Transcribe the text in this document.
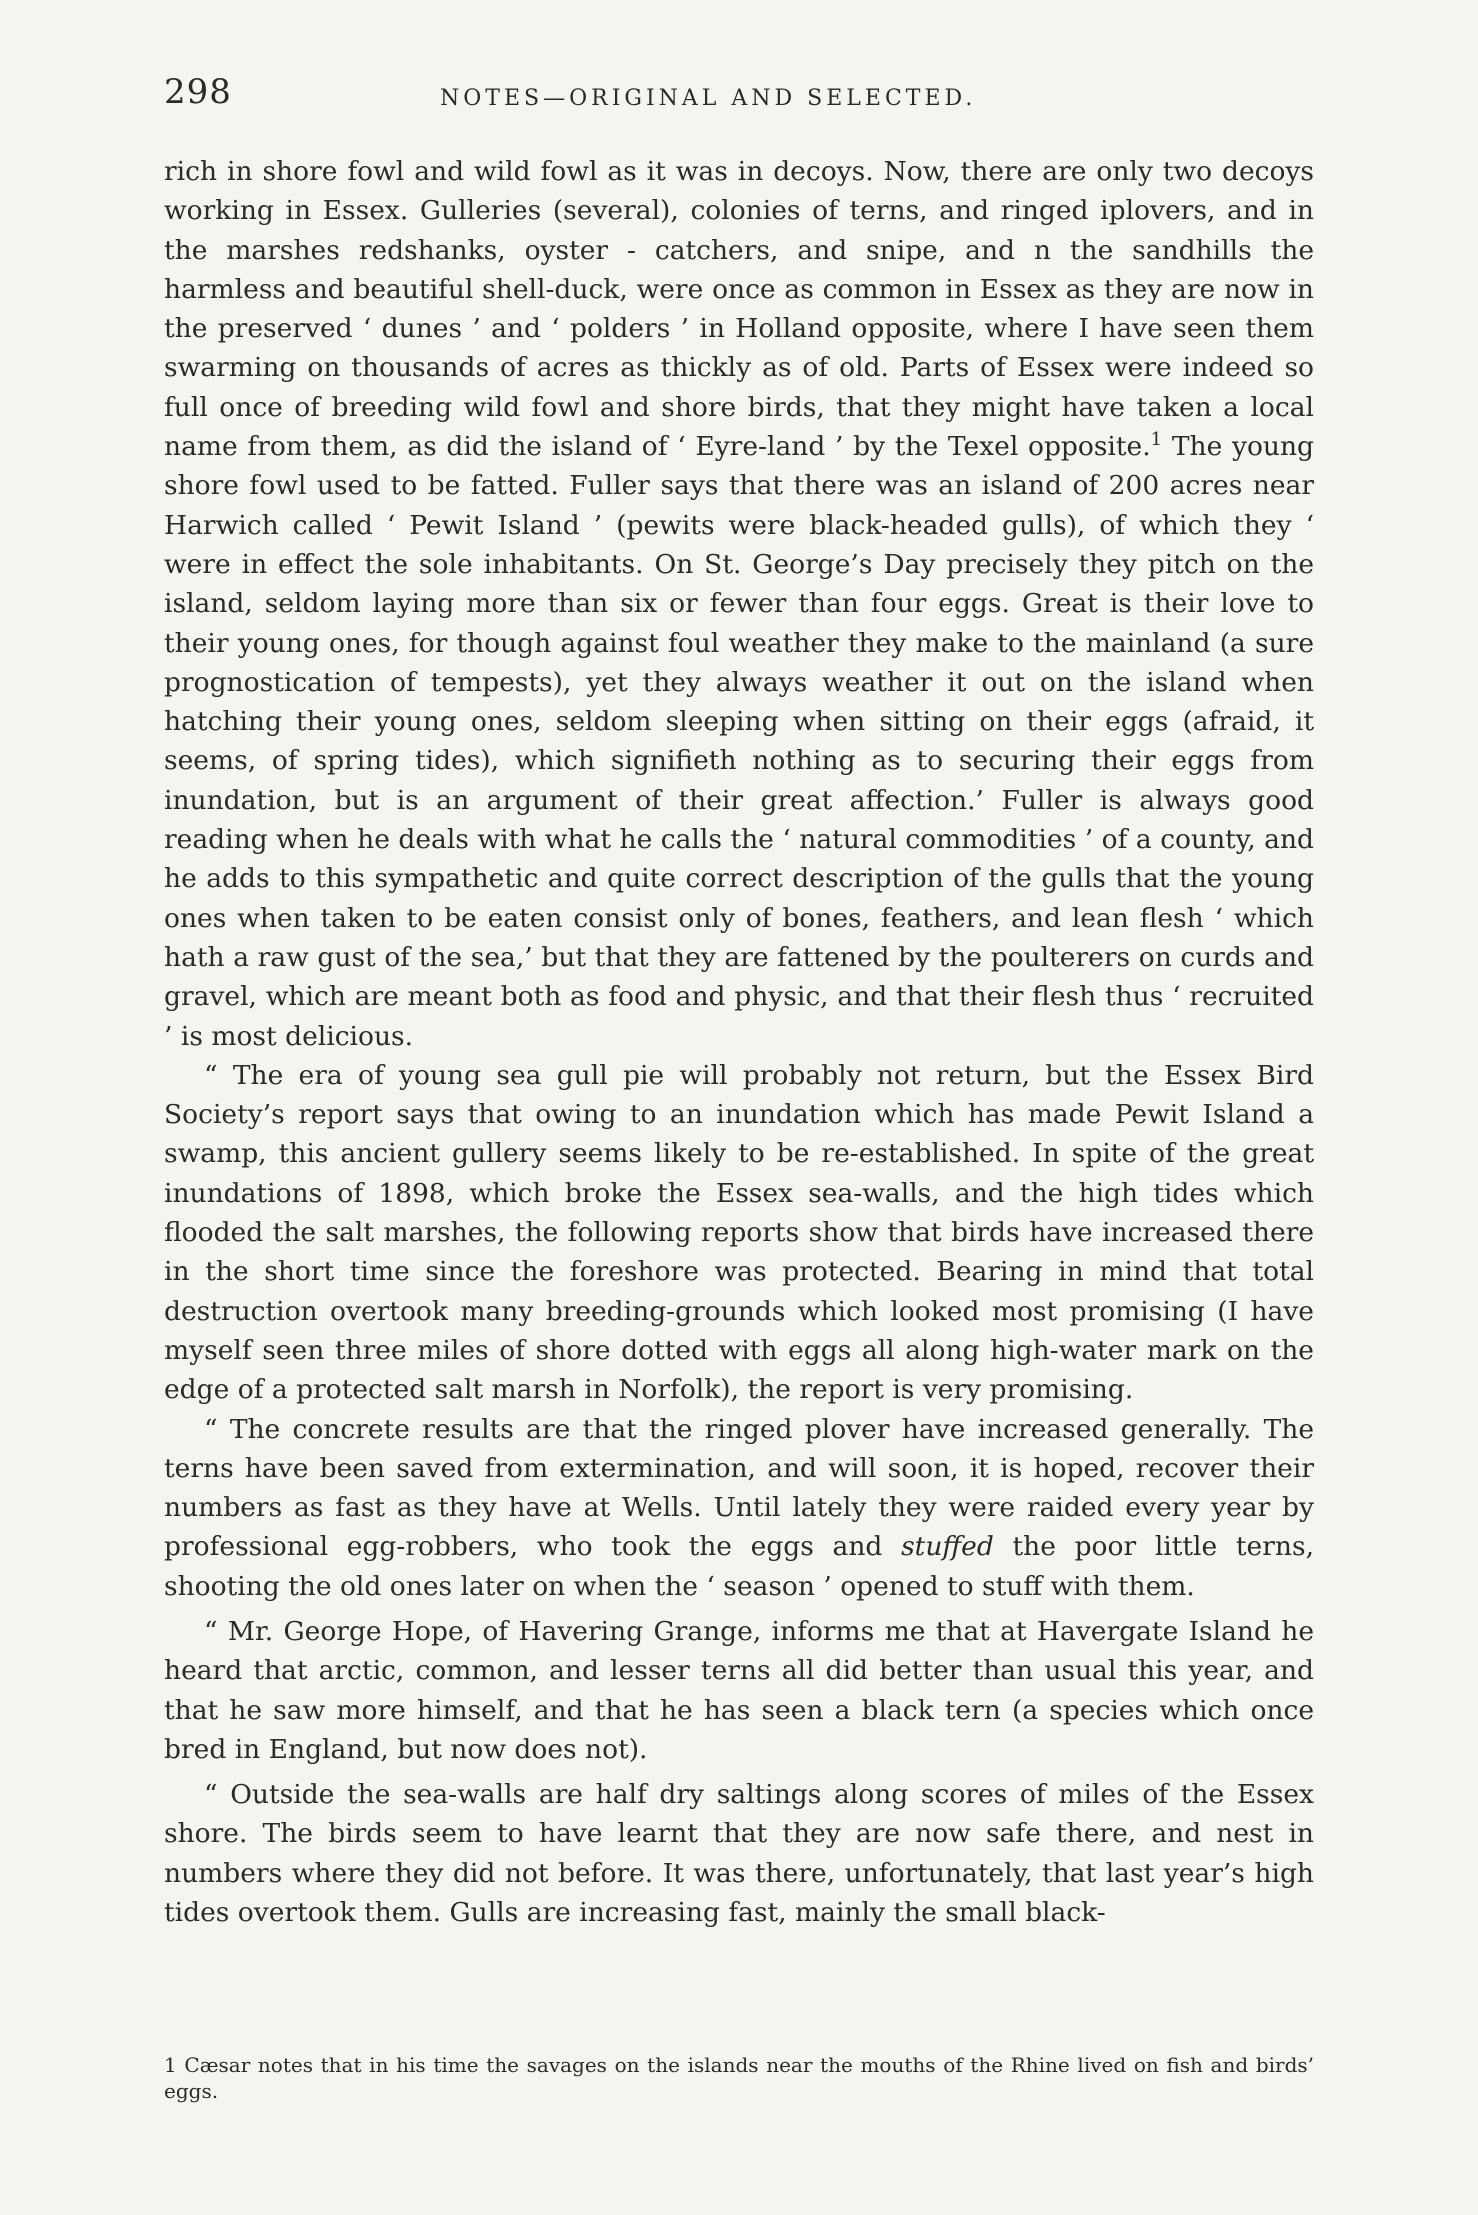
298	NOTES—ORIGINAL AND SELECTED.

rich in shore fowl and wild fowl as it was in decoys. Now, there are only two decoys working in Essex. Gulleries (several), colonies of terns, and ringed iplovers, and in the marshes redshanks, oyster - catchers, and snipe, and n the sandhills the harmless and beautiful shell-duck, were once as common in Essex as they are now in the preserved ‘ dunes ’ and ‘ polders ’ in Holland opposite, where I have seen them swarming on thousands of acres as thickly as of old. Parts of Essex were indeed so full once of breeding wild fowl and shore birds, that they might have taken a local name from them, as did the island of ‘ Eyre-land ’ by the Texel opposite.$^1$ The young shore fowl used to be fatted. Fuller says that there was an island of 200 acres near Harwich called ‘ Pewit Island ’ (pewits were black-headed gulls), of which they ‘ were in effect the sole inhabitants. On St. George’s Day precisely they pitch on the island, seldom laying more than six or fewer than four eggs. Great is their love to their young ones, for though against foul weather they make to the mainland (a sure prognostication of tempests), yet they always weather it out on the island when hatching their young ones, seldom sleeping when sitting on their eggs (afraid, it seems, of spring tides), which signifieth nothing as to securing their eggs from inundation, but is an argument of their great affection.’ Fuller is always good reading when he deals with what he calls the ‘ natural commodities ’ of a county, and he adds to this sympathetic and quite correct description of the gulls that the young ones when taken to be eaten consist only of bones, feathers, and lean flesh ‘ which hath a raw gust of the sea,’ but that they are fattened by the poulterers on curds and gravel, which are meant both as food and physic, and that their flesh thus ‘ recruited ’ is most delicious.

“ The era of young sea gull pie will probably not return, but the Essex Bird Society’s report says that owing to an inundation which has made Pewit Island a swamp, this ancient gullery seems likely to be re-established. In spite of the great inundations of 1898, which broke the Essex sea-walls, and the high tides which flooded the salt marshes, the following reports show that birds have increased there in the short time since the foreshore was protected. Bearing in mind that total destruction overtook many breeding-grounds which looked most promising (I have myself seen three miles of shore dotted with eggs all along high-water mark on the edge of a protected salt marsh in Norfolk), the report is very promising.

“ The concrete results are that the ringed plover have increased generally. The terns have been saved from extermination, and will soon, it is hoped, recover their numbers as fast as they have at Wells. Until lately they were raided every year by professional egg-robbers, who took the eggs and stuffed the poor little terns, shooting the old ones later on when the ‘ season ’ opened to stuff with them.

“ Mr. George Hope, of Havering Grange, informs me that at Havergate Island he heard that arctic, common, and lesser terns all did better than usual this year, and that he saw more himself, and that he has seen a black tern (a species which once bred in England, but now does not).

“ Outside the sea-walls are half dry saltings along scores of miles of the Essex shore. The birds seem to have learnt that they are now safe there, and nest in numbers where they did not before. It was there, unfortunately, that last year’s high tides overtook them. Gulls are increasing fast, mainly the small black-

1 Cæsar notes that in his time the savages on the islands near the mouths of the Rhine lived on fish and birds’ eggs.
